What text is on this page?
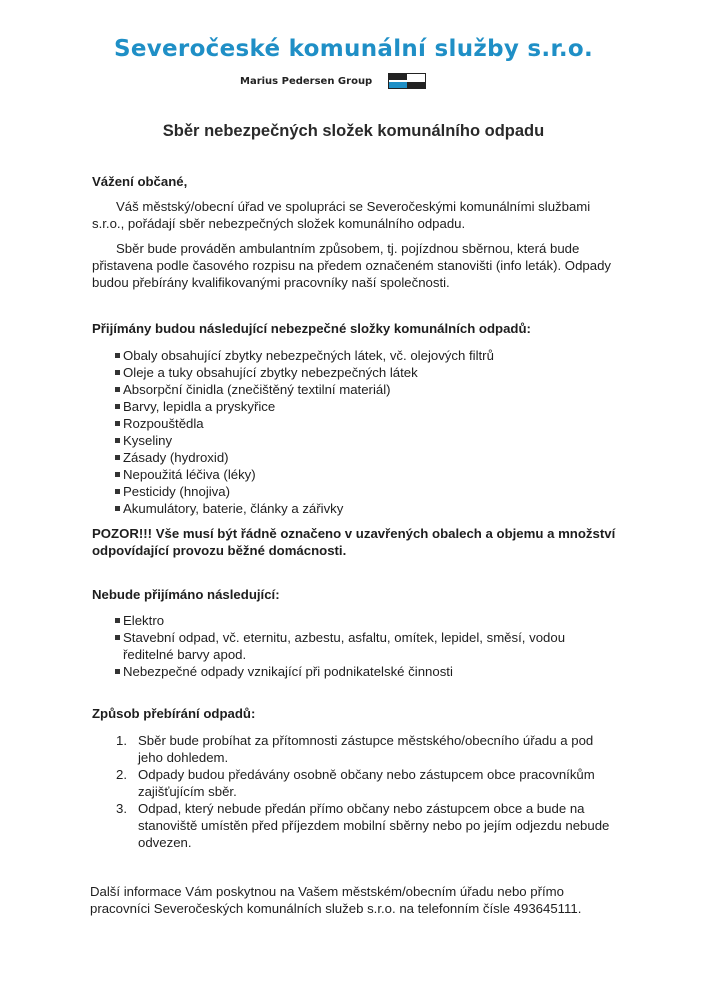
Severočeské komunální služby s.r.o.
Marius Pedersen Group
Sběr nebezpečných složek komunálního odpadu
Vážení občané,
Váš městský/obecní úřad ve spolupráci se Severočeskými komunálními službami s.r.o., pořádají sběr nebezpečných složek komunálního odpadu.
Sběr bude prováděn ambulantním způsobem, tj. pojízdnou sběrnou, která bude přistavena podle časového rozpisu na předem označeném stanovišti (info leták). Odpady budou přebírány kvalifikovanými pracovníky naší společnosti.
Přijímány budou následující nebezpečné složky komunálních odpadů:
Obaly obsahující zbytky nebezpečných látek, vč. olejových filtrů
Oleje a tuky obsahující zbytky nebezpečných látek
Absorpční činidla (znečištěný textilní materiál)
Barvy, lepidla a pryskyřice
Rozpouštědla
Kyseliny
Zásady (hydroxid)
Nepoužitá léčiva (léky)
Pesticidy (hnojiva)
Akumulátory, baterie, články a zářivky
POZOR!!! Vše musí být řádně označeno v uzavřených obalech a objemu a množství odpovídající provozu běžné domácnosti.
Nebude přijímáno následující:
Elektro
Stavební odpad, vč. eternitu, azbestu, asfaltu, omítek, lepidel, směsí, vodou ředitelné barvy apod.
Nebezpečné odpady vznikající při podnikatelské činnosti
Způsob přebírání odpadů:
1. Sběr bude probíhat za přítomnosti zástupce městského/obecního úřadu a pod jeho dohledem.
2. Odpady budou předávány osobně občany nebo zástupcem obce pracovníkům zajišťujícím sběr.
3. Odpad, který nebude předán přímo občany nebo zástupcem obce a bude na stanoviště umístěn před příjezdem mobilní sběrny nebo po jejím odjezdu nebude odvezen.
Další informace Vám poskytnou na Vašem městském/obecním úřadu nebo přímo pracovníci Severočeských komunálních služeb s.r.o. na telefonním čísle 493645111.
